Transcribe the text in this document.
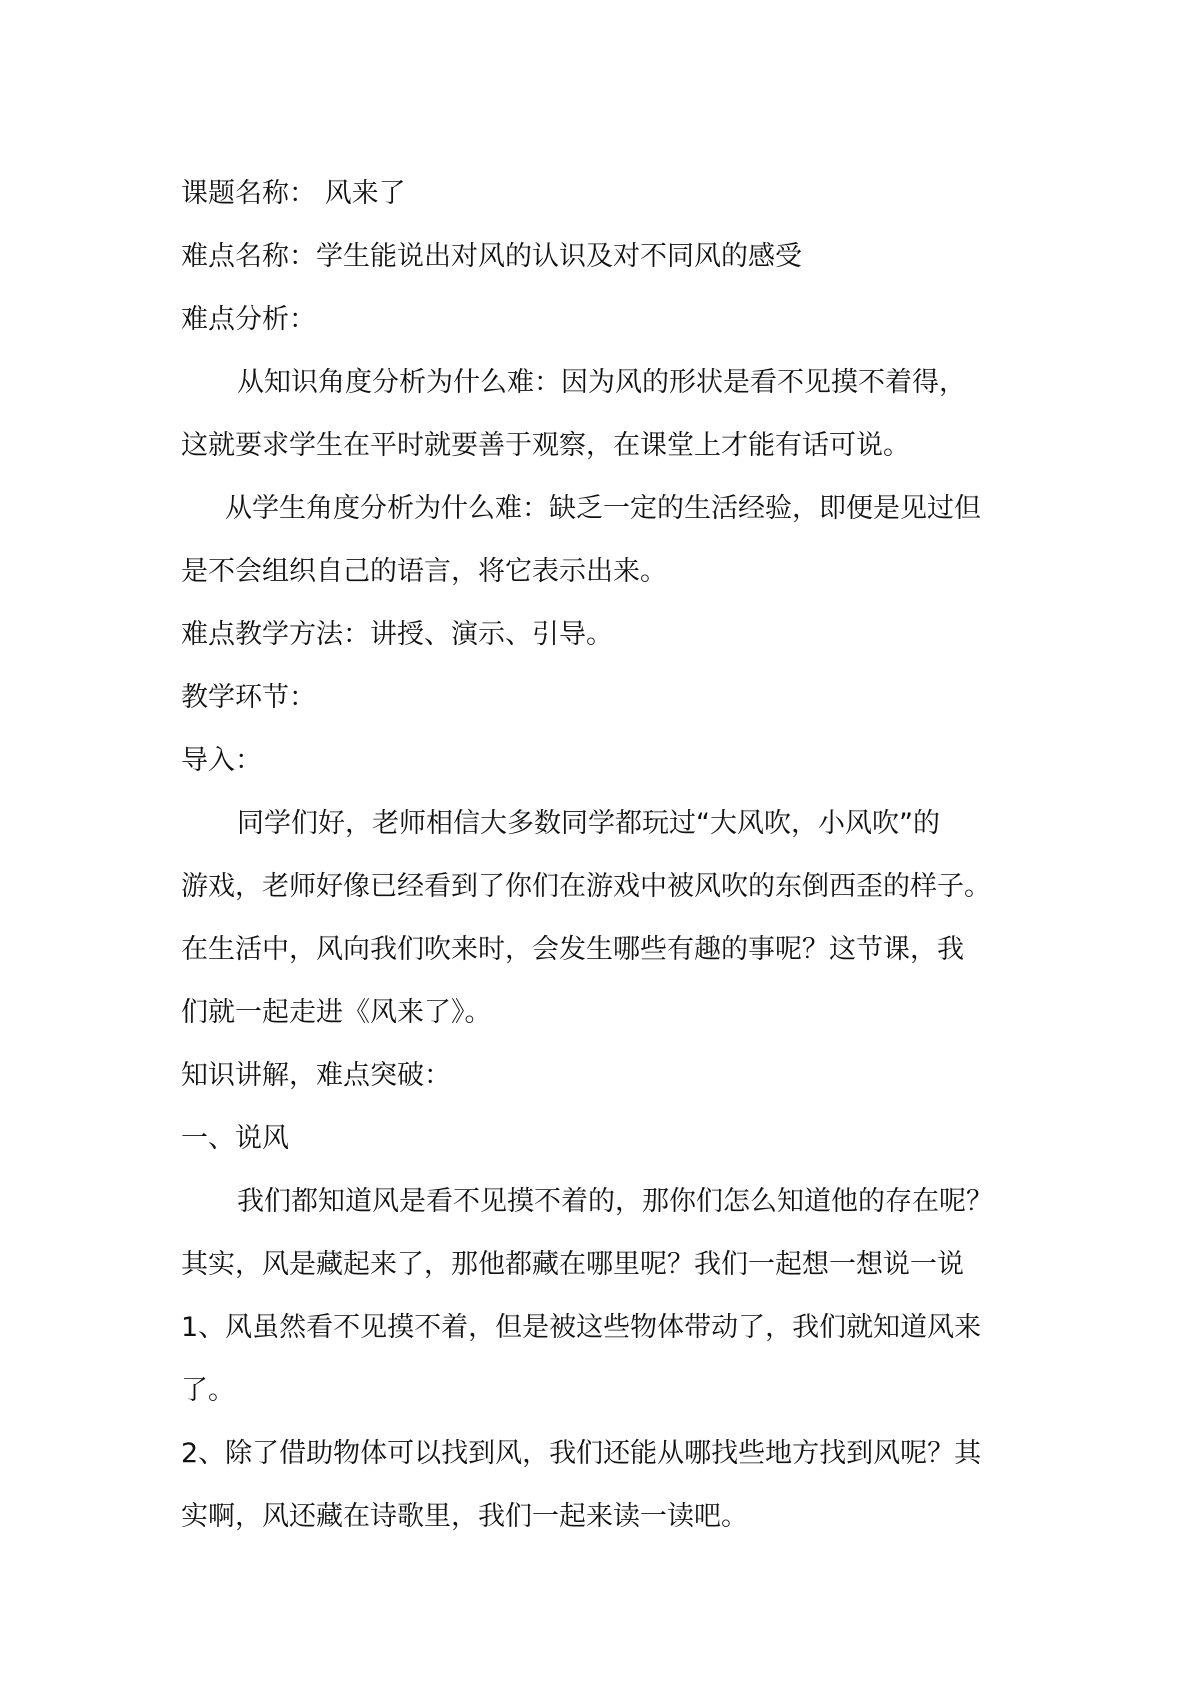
课题名称： 风来了
难点名称：学生能说出对风的认识及对不同风的感受
难点分析：
从知识角度分析为什么难：因为风的形状是看不见摸不着得，
这就要求学生在平时就要善于观察，在课堂上才能有话可说。
从学生角度分析为什么难：缺乏一定的生活经验，即便是见过但
是不会组织自己的语言，将它表示出来。
难点教学方法：讲授、演示、引导。
教学环节：
导入：
同学们好，老师相信大多数同学都玩过“大风吹，小风吹”的
游戏，老师好像已经看到了你们在游戏中被风吹的东倒西歪的样子。
在生活中，风向我们吹来时，会发生哪些有趣的事呢？这节课，我
们就一起走进《风来了》。
知识讲解，难点突破：
一、说风
我们都知道风是看不见摸不着的，那你们怎么知道他的存在呢？
其实，风是藏起来了，那他都藏在哪里呢？我们一起想一想说一说
1、风虽然看不见摸不着，但是被这些物体带动了，我们就知道风来
了。
2、除了借助物体可以找到风，我们还能从哪找些地方找到风呢？其
实啊，风还藏在诗歌里，我们一起来读一读吧。
